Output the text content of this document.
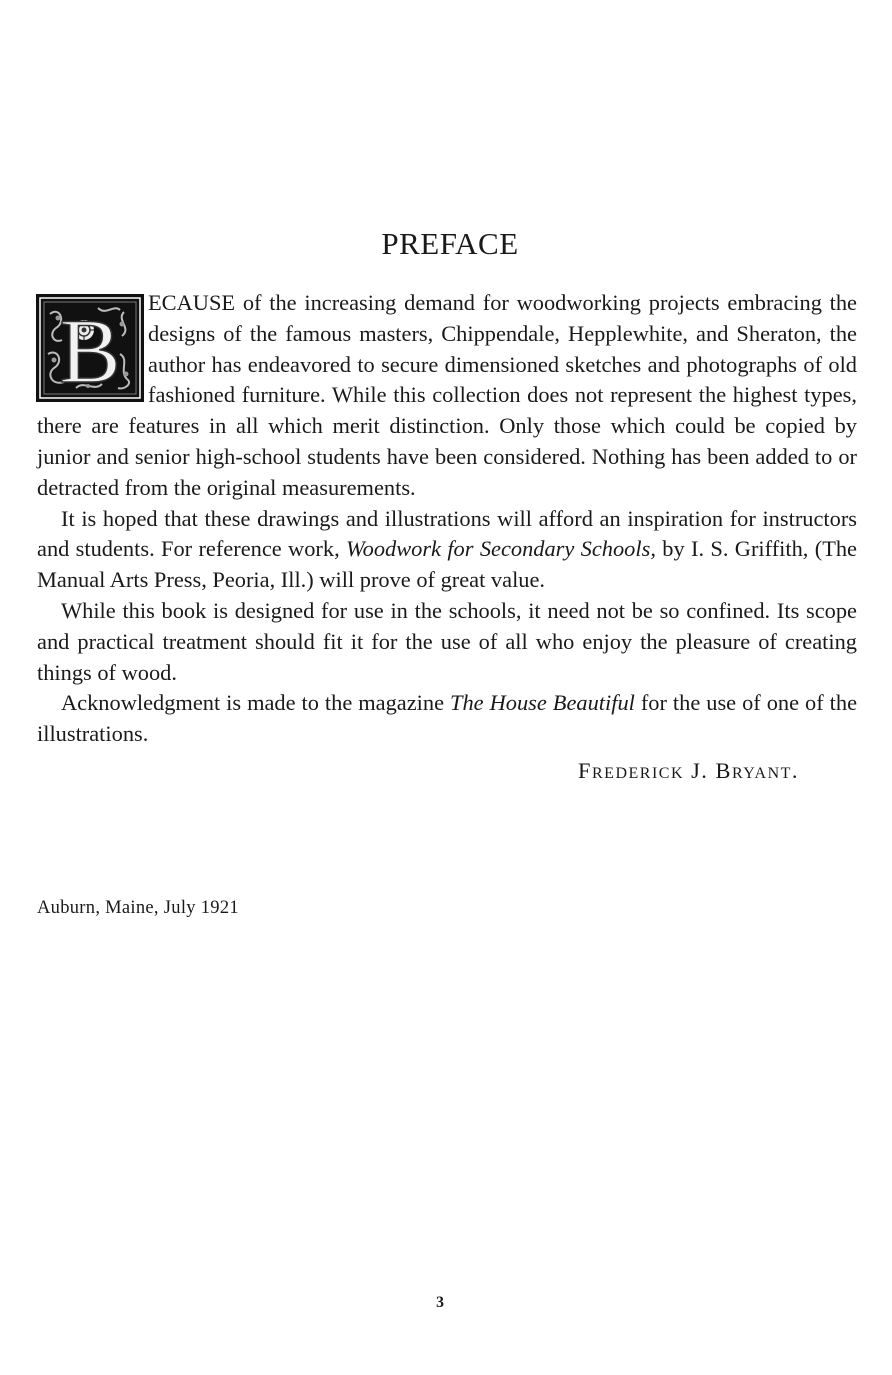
PREFACE

B ECAUSE of the increasing demand for woodworking projects embracing the designs of the famous masters, Chippendale, Hepplewhite, and Sheraton, the author has endeavored to secure dimensioned sketches and photographs of old fashioned furniture. While this collection does not represent the highest types, there are features in all which merit distinction. Only those which could be copied by junior and senior high-school students have been considered. Nothing has been added to or detracted from the original measurements.

It is hoped that these drawings and illustrations will afford an inspiration for instructors and students. For reference work, Woodwork for Secondary Schools, by I. S. Griffith, (The Manual Arts Press, Peoria, Ill.) will prove of great value.

While this book is designed for use in the schools, it need not be so confined. Its scope and practical treatment should fit it for the use of all who enjoy the pleasure of creating things of wood.

Acknowledgment is made to the magazine The House Beautiful for the use of one of the illustrations.

Frederick J. Bryant.

Auburn, Maine, July 1921

3
